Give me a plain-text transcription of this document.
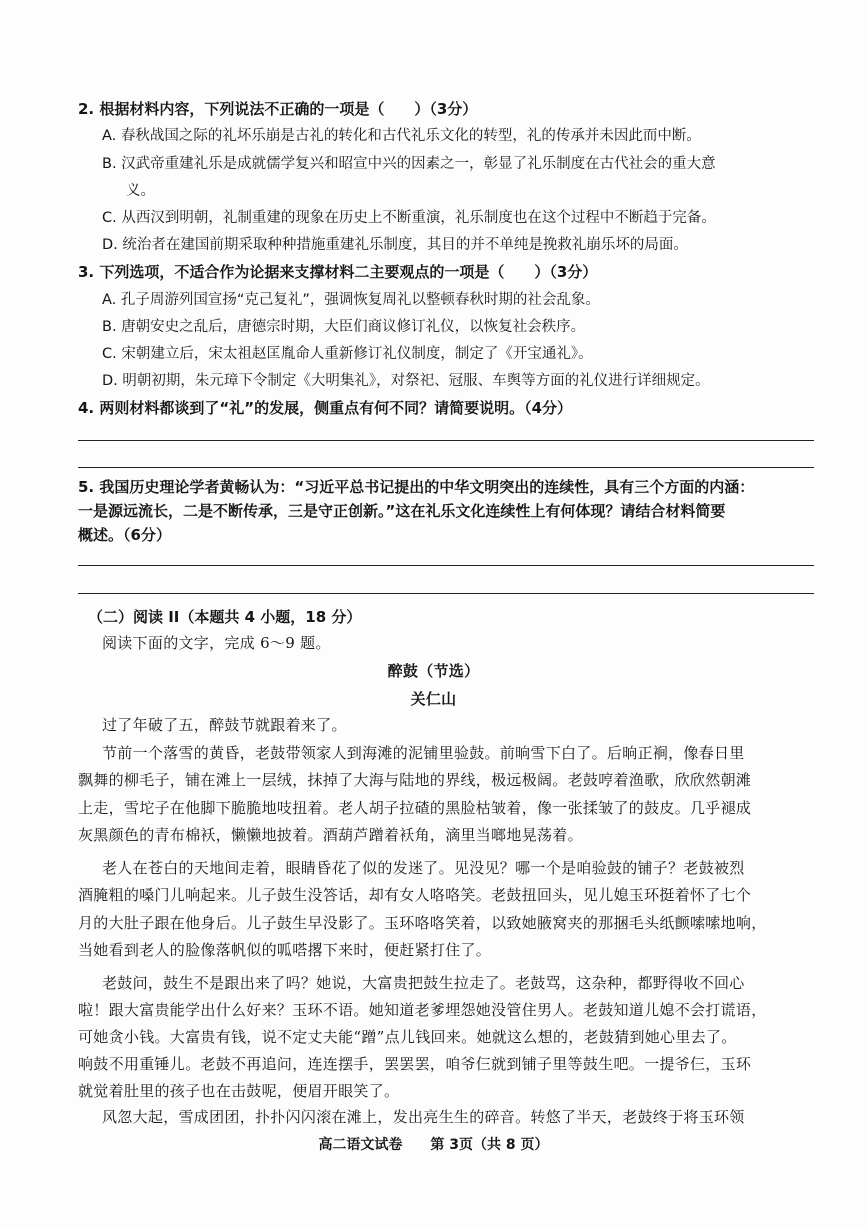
2. 根据材料内容，下列说法不正确的一项是（　　）（3分）
A. 春秋战国之际的礼坏乐崩是古礼的转化和古代礼乐文化的转型，礼的传承并未因此而中断。
B. 汉武帝重建礼乐是成就儒学复兴和昭宣中兴的因素之一，彰显了礼乐制度在古代社会的重大意
义。
C. 从西汉到明朝，礼制重建的现象在历史上不断重演，礼乐制度也在这个过程中不断趋于完备。
D. 统治者在建国前期采取种种措施重建礼乐制度，其目的并不单纯是挽救礼崩乐坏的局面。
3. 下列选项，不适合作为论据来支撑材料二主要观点的一项是（　　）（3分）
A. 孔子周游列国宣扬“克己复礼”，强调恢复周礼以整顿春秋时期的社会乱象。
B. 唐朝安史之乱后，唐德宗时期，大臣们商议修订礼仪，以恢复社会秩序。
C. 宋朝建立后，宋太祖赵匡胤命人重新修订礼仪制度，制定了《开宝通礼》。
D. 明朝初期，朱元璋下令制定《大明集礼》，对祭祀、冠服、车舆等方面的礼仪进行详细规定。
4. 两则材料都谈到了“礼”的发展，侧重点有何不同？请简要说明。（4分）
5. 我国历史理论学者黄畅认为：“习近平总书记提出的中华文明突出的连续性，具有三个方面的内涵：
一是源远流长，二是不断传承，三是守正创新。”这在礼乐文化连续性上有何体现？请结合材料简要
概述。（6分）
（二）阅读 II（本题共 4 小题，18 分）
阅读下面的文字，完成 6～9 题。
醉鼓（节选）
关仁山
过了年破了五，醉鼓节就跟着来了。
节前一个落雪的黄昏，老鼓带领家人到海滩的泥铺里验鼓。前晌雪下白了。后晌正裥，像春日里
飘舞的柳毛子，铺在滩上一层绒，抹掉了大海与陆地的界线，极远极阔。老鼓哼着渔歌，欣欣然朝滩
上走，雪坨子在他脚下脆脆地吱扭着。老人胡子拉碴的黑脸枯皱着，像一张揉皱了的鼓皮。几乎褪成
灰黑颜色的青布棉袄，懒懒地披着。酒葫芦蹭着袄角，滴里当啷地晃荡着。
老人在苍白的天地间走着，眼睛昏花了似的发迷了。见没见？哪一个是咱验鼓的铺子？老鼓被烈
酒腌粗的嗓门儿响起来。儿子鼓生没答话，却有女人咯咯笑。老鼓扭回头，见儿媳玉环挺着怀了七个
月的大肚子跟在他身后。儿子鼓生早没影了。玉环咯咯笑着，以致她腋窝夹的那捆毛头纸颤嗦嗦地响，
当她看到老人的脸像落帆似的呱嗒撂下来时，便赶紧打住了。
老鼓问，鼓生不是跟出来了吗？她说，大富贵把鼓生拉走了。老鼓骂，这杂种，都野得收不回心
啦！跟大富贵能学出什么好来？玉环不语。她知道老爹埋怨她没管住男人。老鼓知道儿媳不会打谎语，
可她贪小钱。大富贵有钱，说不定丈夫能“蹭”点儿钱回来。她就这么想的，老鼓猜到她心里去了。
响鼓不用重锤儿。老鼓不再追问，连连摆手，罢罢罢，咱爷仨就到铺子里等鼓生吧。一提爷仨，玉环
就觉着肚里的孩子也在击鼓呢，便眉开眼笑了。
风忽大起，雪成团团，扑扑闪闪滚在滩上，发出亮生生的碎音。转悠了半天，老鼓终于将玉环领
高二语文试卷　　第 3页（共 8 页）
